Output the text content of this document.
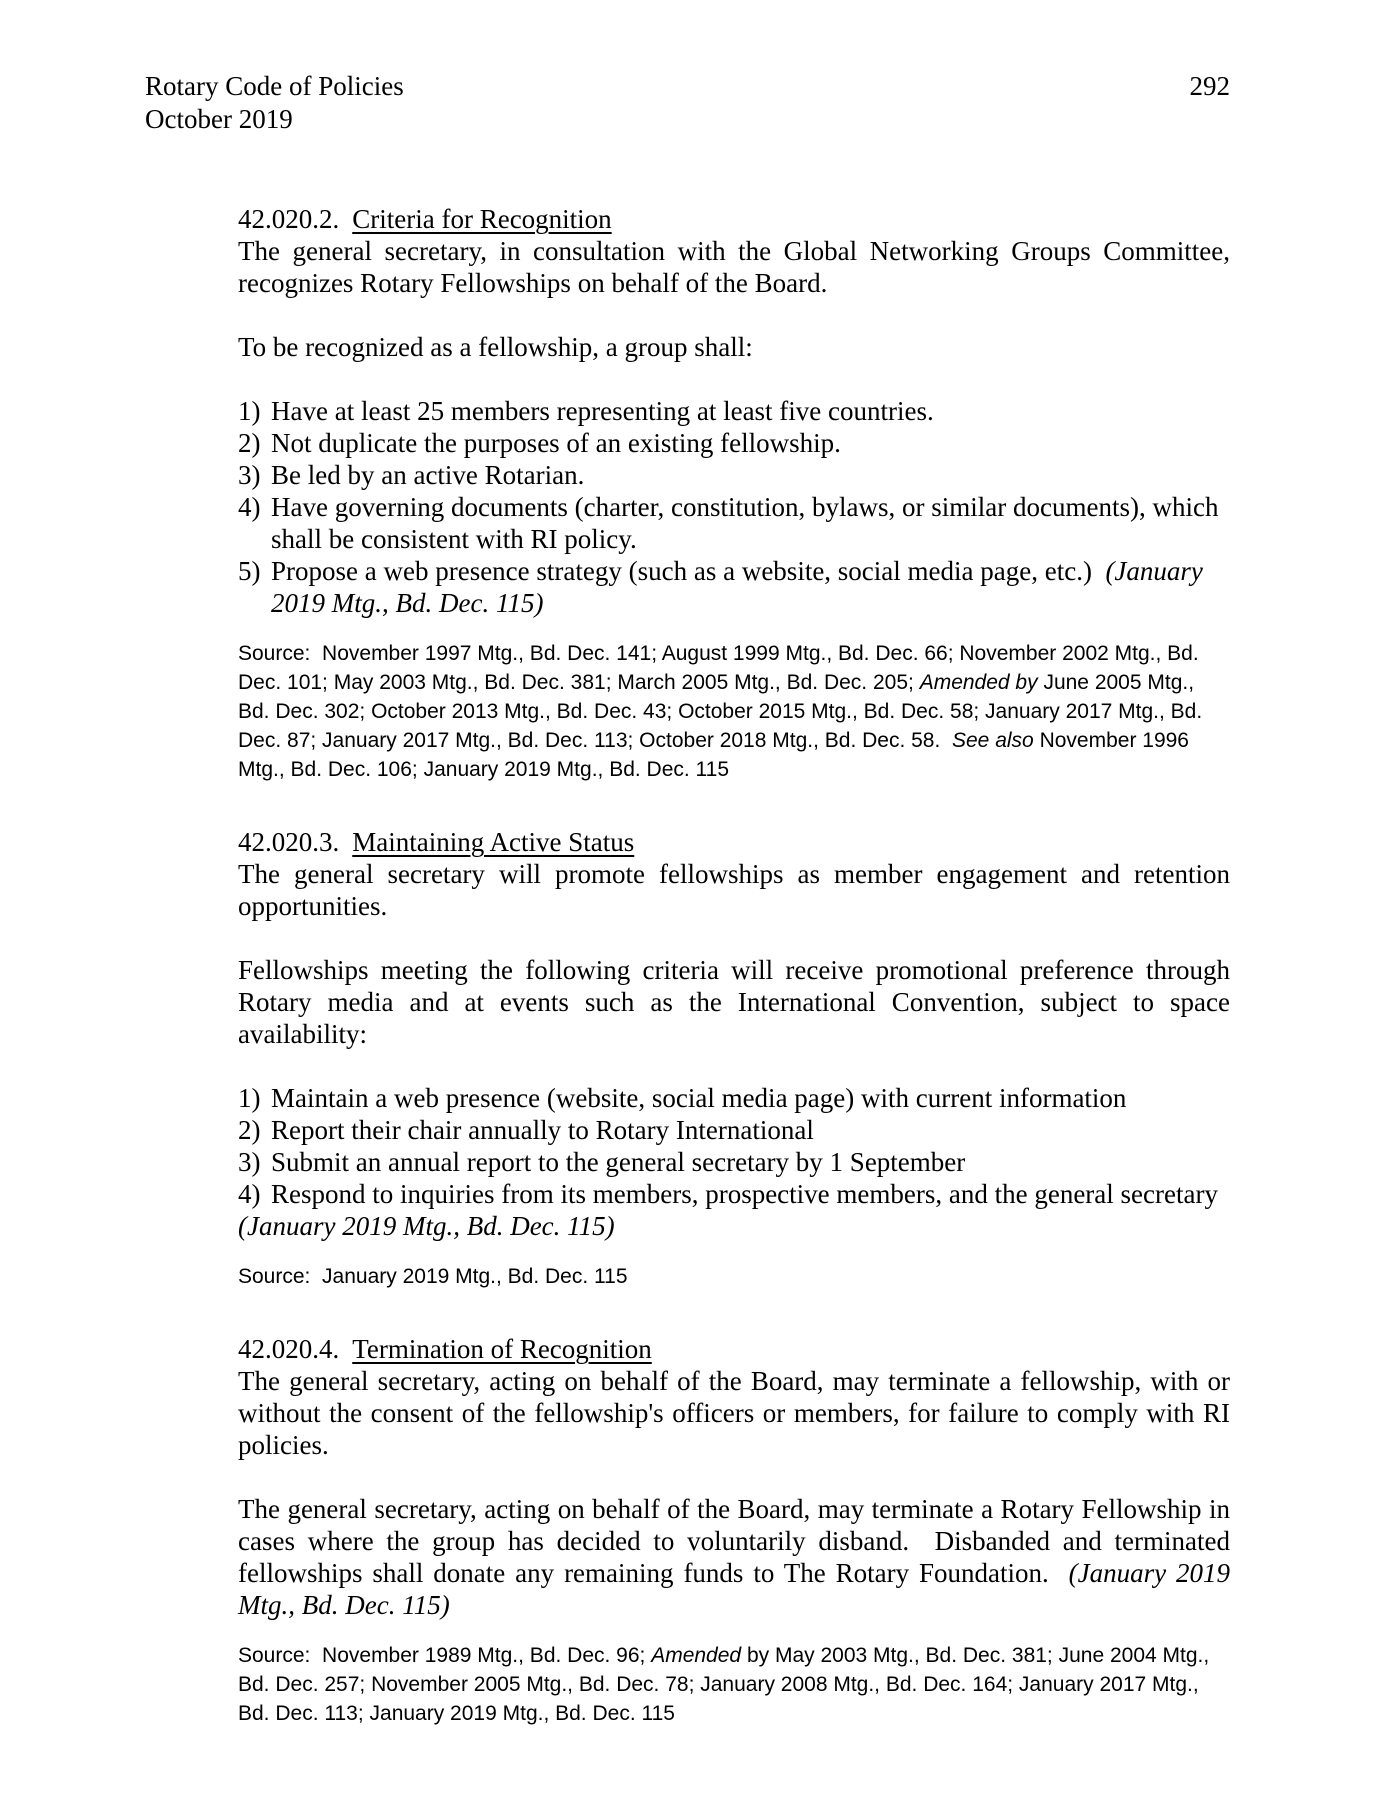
Rotary Code of Policies
October 2019
292
42.020.2. Criteria for Recognition
The general secretary, in consultation with the Global Networking Groups Committee, recognizes Rotary Fellowships on behalf of the Board.
To be recognized as a fellowship, a group shall:
1) Have at least 25 members representing at least five countries.
2) Not duplicate the purposes of an existing fellowship.
3) Be led by an active Rotarian.
4) Have governing documents (charter, constitution, bylaws, or similar documents), which shall be consistent with RI policy.
5) Propose a web presence strategy (such as a website, social media page, etc.)  (January 2019 Mtg., Bd. Dec. 115)
Source:  November 1997 Mtg., Bd. Dec. 141; August 1999 Mtg., Bd. Dec. 66; November 2002 Mtg., Bd. Dec. 101; May 2003 Mtg., Bd. Dec. 381; March 2005 Mtg., Bd. Dec. 205; Amended by June 2005 Mtg., Bd. Dec. 302; October 2013 Mtg., Bd. Dec. 43; October 2015 Mtg., Bd. Dec. 58; January 2017 Mtg., Bd. Dec. 87; January 2017 Mtg., Bd. Dec. 113; October 2018 Mtg., Bd. Dec. 58.  See also November 1996 Mtg., Bd. Dec. 106; January 2019 Mtg., Bd. Dec. 115
42.020.3. Maintaining Active Status
The general secretary will promote fellowships as member engagement and retention opportunities.
Fellowships meeting the following criteria will receive promotional preference through Rotary media and at events such as the International Convention, subject to space availability:
1) Maintain a web presence (website, social media page) with current information
2) Report their chair annually to Rotary International
3) Submit an annual report to the general secretary by 1 September
4) Respond to inquiries from its members, prospective members, and the general secretary
(January 2019 Mtg., Bd. Dec. 115)
Source:  January 2019 Mtg., Bd. Dec. 115
42.020.4. Termination of Recognition
The general secretary, acting on behalf of the Board, may terminate a fellowship, with or without the consent of the fellowship's officers or members, for failure to comply with RI policies.
The general secretary, acting on behalf of the Board, may terminate a Rotary Fellowship in cases where the group has decided to voluntarily disband.  Disbanded and terminated fellowships shall donate any remaining funds to The Rotary Foundation.  (January 2019 Mtg., Bd. Dec. 115)
Source:  November 1989 Mtg., Bd. Dec. 96; Amended by May 2003 Mtg., Bd. Dec. 381; June 2004 Mtg., Bd. Dec. 257; November 2005 Mtg., Bd. Dec. 78; January 2008 Mtg., Bd. Dec. 164; January 2017 Mtg., Bd. Dec. 113; January 2019 Mtg., Bd. Dec. 115
